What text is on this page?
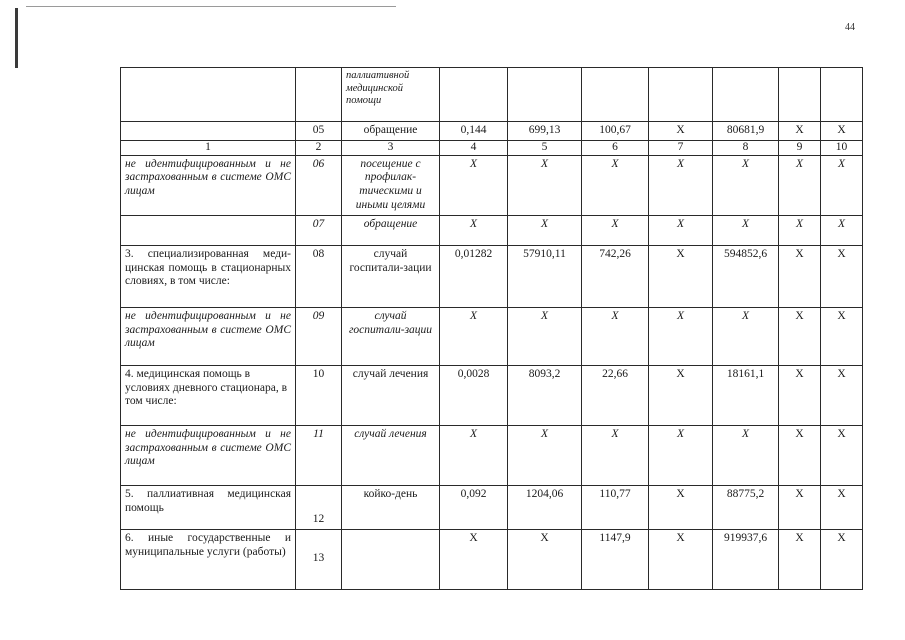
44
		паллиативной медицинской помощи							
	05	обращение	0,144	699,13	100,67	Х	80681,9	Х	Х
1	2	3	4	5	6	7	8	9	10
не идентифицированным и не застрахованным в системе ОМС лицам	06	посещение с профилак-тическими и иными целями	Х	Х	Х	Х	Х	Х	Х
	07	обращение	Х	Х	Х	Х	Х	Х	Х
3. специализированная меди-цинская помощь в стационарных словиях, в том числе:	08	случай госпитали-зации	0,01282	57910,11	742,26	Х	594852,6	Х	Х
не идентифицированным и не застрахованным в системе ОМС лицам	09	случай госпитали-зации	Х	Х	Х	Х	Х	Х	Х
4. медицинская помощь в условиях дневного стационара, в том числе:	10	случай лечения	0,0028	8093,2	22,66	Х	18161,1	Х	Х
не идентифицированным и не застрахованным в системе ОМС лицам	11	случай лечения	Х	Х	Х	Х	Х	Х	Х
5. паллиативная медицинская помощь	12	койко-день	0,092	1204,06	110,77	Х	88775,2	Х	Х
6. иные государственные и муниципальные услуги (работы)	13		Х	Х	1147,9	Х	919937,6	Х	Х
